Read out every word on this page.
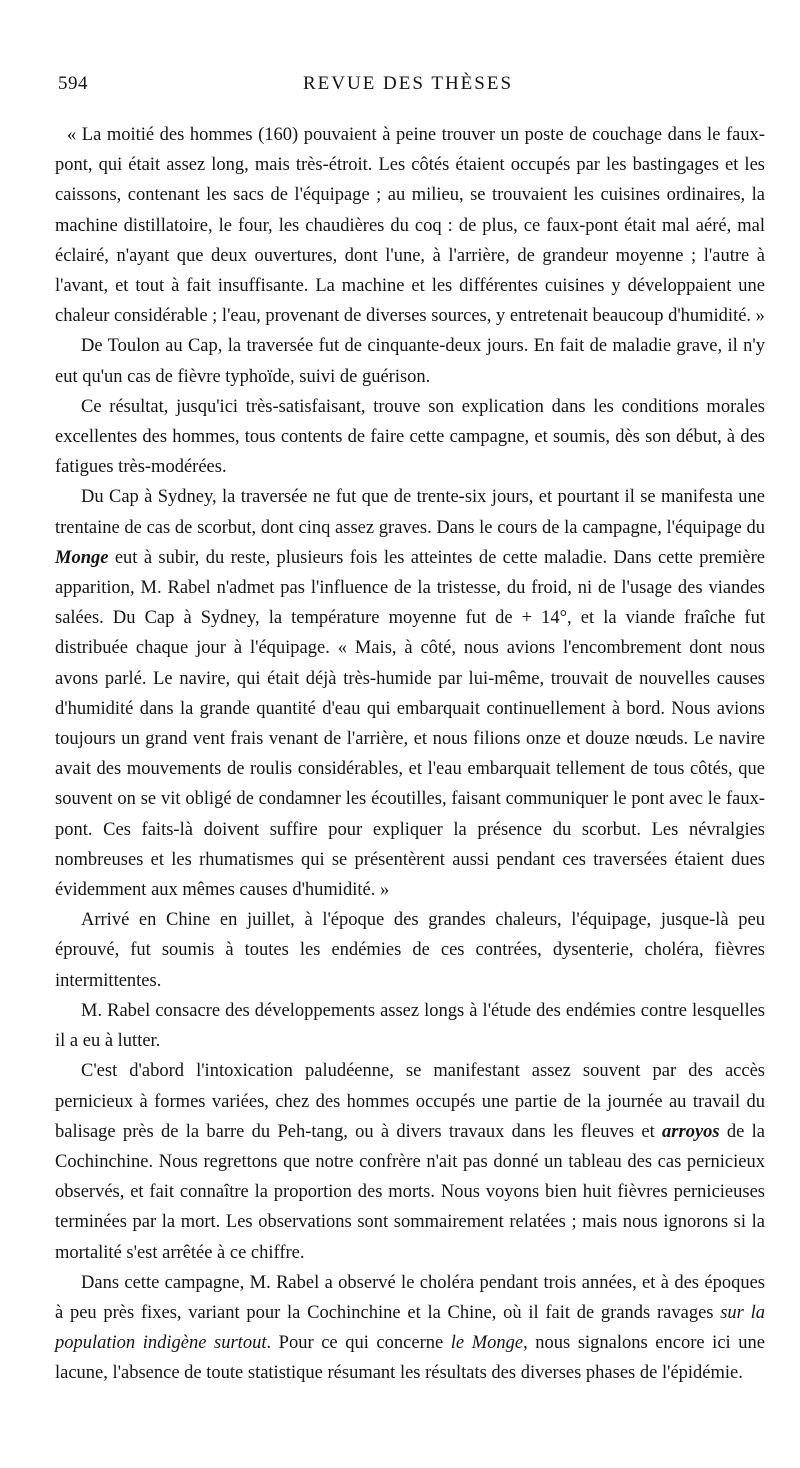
594	REVUE DES THÈSES

« La moitié des hommes (160) pouvaient à peine trouver un poste de couchage dans le faux-pont, qui était assez long, mais très-étroit. Les côtés étaient occupés par les bastingages et les caissons, contenant les sacs de l'équipage ; au milieu, se trouvaient les cuisines ordinaires, la machine distillatoire, le four, les chaudières du coq : de plus, ce faux-pont était mal aéré, mal éclairé, n'ayant que deux ouvertures, dont l'une, à l'arrière, de grandeur moyenne ; l'autre à l'avant, et tout à fait insuffisante. La machine et les différentes cuisines y développaient une chaleur considérable ; l'eau, provenant de diverses sources, y entretenait beaucoup d'humidité. »

De Toulon au Cap, la traversée fut de cinquante-deux jours. En fait de maladie grave, il n'y eut qu'un cas de fièvre typhoïde, suivi de guérison.

Ce résultat, jusqu'ici très-satisfaisant, trouve son explication dans les conditions morales excellentes des hommes, tous contents de faire cette campagne, et soumis, dès son début, à des fatigues très-modérées.

Du Cap à Sydney, la traversée ne fut que de trente-six jours, et pourtant il se manifesta une trentaine de cas de scorbut, dont cinq assez graves. Dans le cours de la campagne, l'équipage du Monge eut à subir, du reste, plusieurs fois les atteintes de cette maladie. Dans cette première apparition, M. Rabel n'admet pas l'influence de la tristesse, du froid, ni de l'usage des viandes salées. Du Cap à Sydney, la température moyenne fut de + 14°, et la viande fraîche fut distribuée chaque jour à l'équipage. « Mais, à côté, nous avions l'encombrement dont nous avons parlé. Le navire, qui était déjà très-humide par lui-même, trouvait de nouvelles causes d'humidité dans la grande quantité d'eau qui embarquait continuellement à bord. Nous avions toujours un grand vent frais venant de l'arrière, et nous filions onze et douze nœuds. Le navire avait des mouvements de roulis considérables, et l'eau embarquait tellement de tous côtés, que souvent on se vit obligé de condamner les écoutilles, faisant communiquer le pont avec le faux-pont. Ces faits-là doivent suffire pour expliquer la présence du scorbut. Les névralgies nombreuses et les rhumatismes qui se présentèrent aussi pendant ces traversées étaient dues évidemment aux mêmes causes d'humidité. »

Arrivé en Chine en juillet, à l'époque des grandes chaleurs, l'équipage, jusque-là peu éprouvé, fut soumis à toutes les endémies de ces contrées, dysenterie, choléra, fièvres intermittentes.

M. Rabel consacre des développements assez longs à l'étude des endémies contre lesquelles il a eu à lutter.

C'est d'abord l'intoxication paludéenne, se manifestant assez souvent par des accès pernicieux à formes variées, chez des hommes occupés une partie de la journée au travail du balisage près de la barre du Peh-tang, ou à divers travaux dans les fleuves et arroyos de la Cochinchine. Nous regrettons que notre confrère n'ait pas donné un tableau des cas pernicieux observés, et fait connaître la proportion des morts. Nous voyons bien huit fièvres pernicieuses terminées par la mort. Les observations sont sommairement relatées ; mais nous ignorons si la mortalité s'est arrêtée à ce chiffre.

Dans cette campagne, M. Rabel a observé le choléra pendant trois années, et à des époques à peu près fixes, variant pour la Cochinchine et la Chine, où il fait de grands ravages sur la population indigène surtout. Pour ce qui concerne le Monge, nous signalons encore ici une lacune, l'absence de toute statistique résumant les résultats des diverses phases de l'épidémie.
